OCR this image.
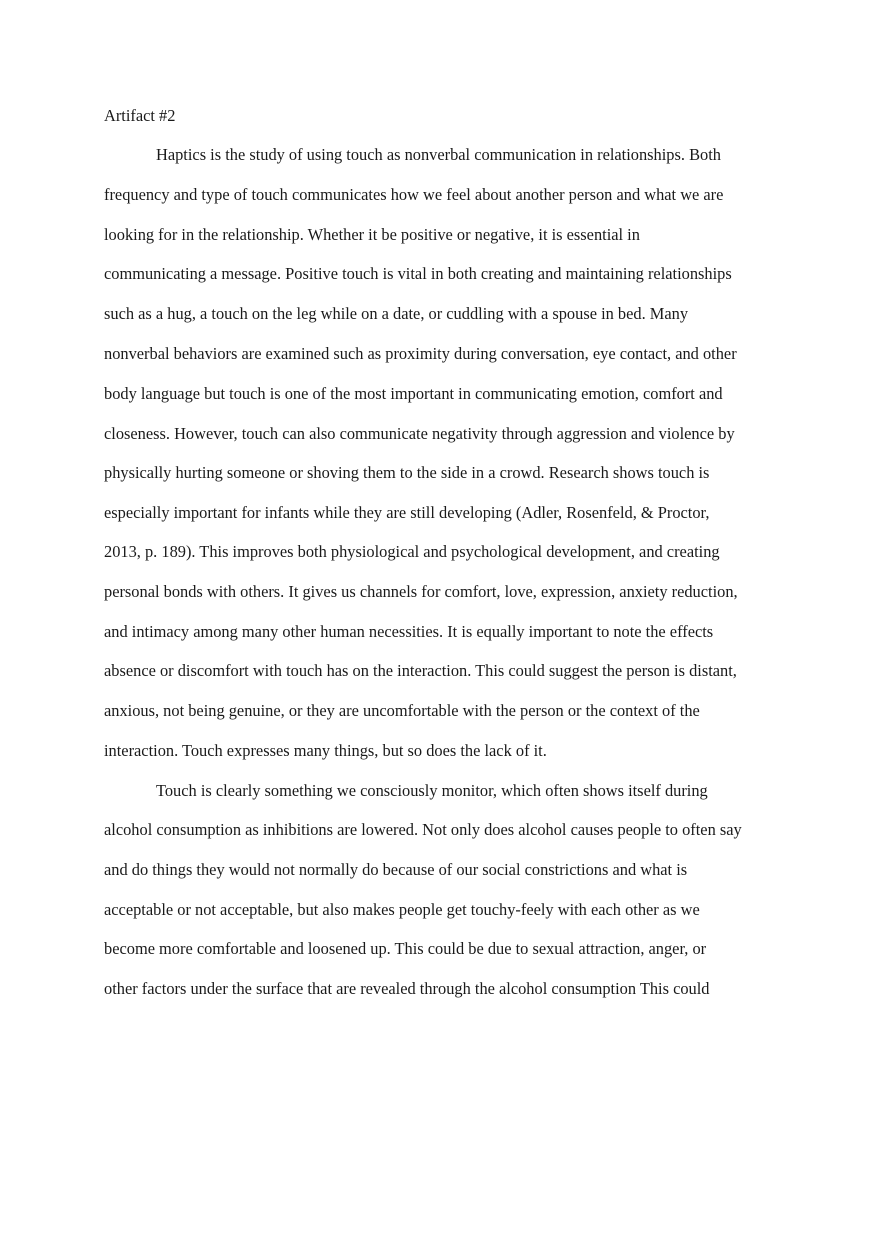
Artifact #2
Haptics is the study of using touch as nonverbal communication in relationships. Both
frequency and type of touch communicates how we feel about another person and what we are
looking for in the relationship. Whether it be positive or negative, it is essential in
communicating a message. Positive touch is vital in both creating and maintaining relationships
such as a hug, a touch on the leg while on a date, or cuddling with a spouse in bed. Many
nonverbal behaviors are examined such as proximity during conversation, eye contact, and other
body language but touch is one of the most important in communicating emotion, comfort and
closeness. However, touch can also communicate negativity through aggression and violence by
physically hurting someone or shoving them to the side in a crowd. Research shows touch is
especially important for infants while they are still developing (Adler, Rosenfeld, & Proctor,
2013, p. 189). This improves both physiological and psychological development, and creating
personal bonds with others. It gives us channels for comfort, love, expression, anxiety reduction,
and intimacy among many other human necessities. It is equally important to note the effects
absence or discomfort with touch has on the interaction. This could suggest the person is distant,
anxious, not being genuine, or they are uncomfortable with the person or the context of the
interaction. Touch expresses many things, but so does the lack of it.
Touch is clearly something we consciously monitor, which often shows itself during
alcohol consumption as inhibitions are lowered. Not only does alcohol causes people to often say
and do things they would not normally do because of our social constrictions and what is
acceptable or not acceptable, but also makes people get touchy-feely with each other as we
become more comfortable and loosened up. This could be due to sexual attraction, anger, or
other factors under the surface that are revealed through the alcohol consumption This could
